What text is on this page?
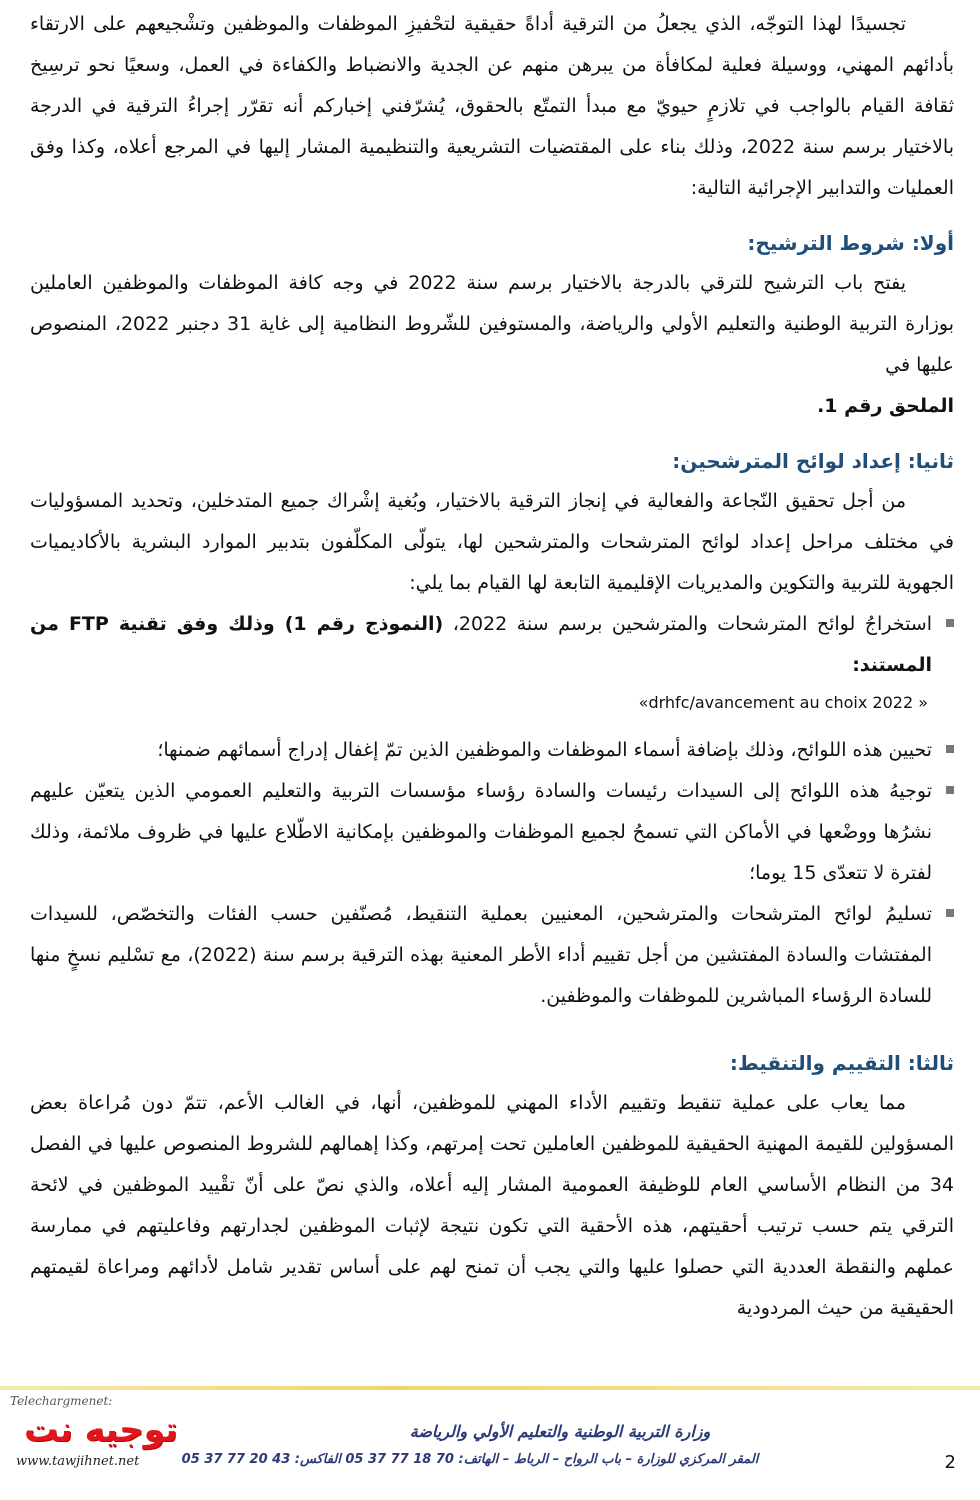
تجسيدًا لهذا التوجّه، الذي يجعلُ من الترقية أداةً حقيقية لتحْفيزِ الموظفات والموظفين وتشْجيعهم على الارتقاء بأدائهم المهني، ووسيلة فعلية لمكافأة من يبرهن منهم عن الجدية والانضباط والكفاءة في العمل، وسعيًا نحو ترسِيخ ثقافة القيام بالواجب في تلازمٍ حيويّ مع مبدأ التمتّع بالحقوق، يُشرّفني إخباركم أنه تقرّر إجراءُ الترقية في الدرجة بالاختيار برسم سنة 2022، وذلك بناء على المقتضيات التشريعية والتنظيمية المشار إليها في المرجع أعلاه، وكذا وفق العمليات والتدابير الإجرائية التالية:

أولا: شروط الترشيح:

يفتح باب الترشيح للترقي بالدرجة بالاختيار برسم سنة 2022 في وجه كافة الموظفات والموظفين العاملين بوزارة التربية الوطنية والتعليم الأولي والرياضة، والمستوفين للشّروط النظامية إلى غاية 31 دجنبر 2022، المنصوص عليها في

الملحق رقم 1.

ثانيا: إعداد لوائح المترشحين:

من أجل تحقيق النّجاعة والفعالية في إنجاز الترقية بالاختيار، وبُغية إشْراك جميع المتدخلين، وتحديد المسؤوليات في مختلف مراحل إعداد لوائح المترشحات والمترشحين لها، يتولّى المكلّفون بتدبير الموارد البشرية بالأكاديميات الجهوية للتربية والتكوين والمديريات الإقليمية التابعة لها القيام بما يلي:

استخراجُ لوائح المترشحات والمترشحين برسم سنة 2022، (النموذج رقم 1) وذلك وفق تقنية FTP من المستند:

«drhfc/avancement au choix 2022 »

تحيين هذه اللوائح، وذلك بإضافة أسماء الموظفات والموظفين الذين تمّ إغفال إدراج أسمائهم ضمنها؛

توجيهُ هذه اللوائح إلى السيدات رئيسات والسادة رؤساء مؤسسات التربية والتعليم العمومي الذين يتعيّن عليهم نشرُها ووضْعها في الأماكن التي تسمحُ لجميع الموظفات والموظفين بإمكانية الاطّلاع عليها في ظروف ملائمة، وذلك لفترة لا تتعدّى 15 يوما؛

تسليمُ لوائح المترشحات والمترشحين، المعنيين بعملية التنقيط، مُصنّفين حسب الفئات والتخصّص، للسيدات المفتشات والسادة المفتشين من أجل تقييم أداء الأطر المعنية بهذه الترقية برسم سنة (2022)، مع تسْليم نسخٍ منها للسادة الرؤساء المباشرين للموظفات والموظفين.

ثالثا: التقييم والتنقيط:

مما يعاب على عملية تنقيط وتقييم الأداء المهني للموظفين، أنها، في الغالب الأعم، تتمّ دون مُراعاة بعض المسؤولين للقيمة المهنية الحقيقية للموظفين العاملين تحت إمرتهم، وكذا إهمالهم للشروط المنصوص عليها في الفصل 34 من النظام الأساسي العام للوظيفة العمومية المشار إليه أعلاه، والذي نصّ على أنّ تقْييد الموظفين في لائحة الترقي يتم حسب ترتيب أحقيتهم، هذه الأحقية التي تكون نتيجة لإثبات الموظفين لجدارتهم وفاعليتهم في ممارسة عملهم والنقطة العددية التي حصلوا عليها والتي يجب أن تمنح لهم على أساس تقدير شامل لأدائهم ومراعاة لقيمتهم الحقيقية من حيث المردودية

Telechargmenet:
توجيه نت
www.tawjihnet.net
وزارة التربية الوطنية والتعليم الأولي والرياضة
المقر المركزي للوزارة – باب الرواح – الرباط – الهاتف: 70 18 77 37 05 الفاكس: 43 20 77 37 05	2
